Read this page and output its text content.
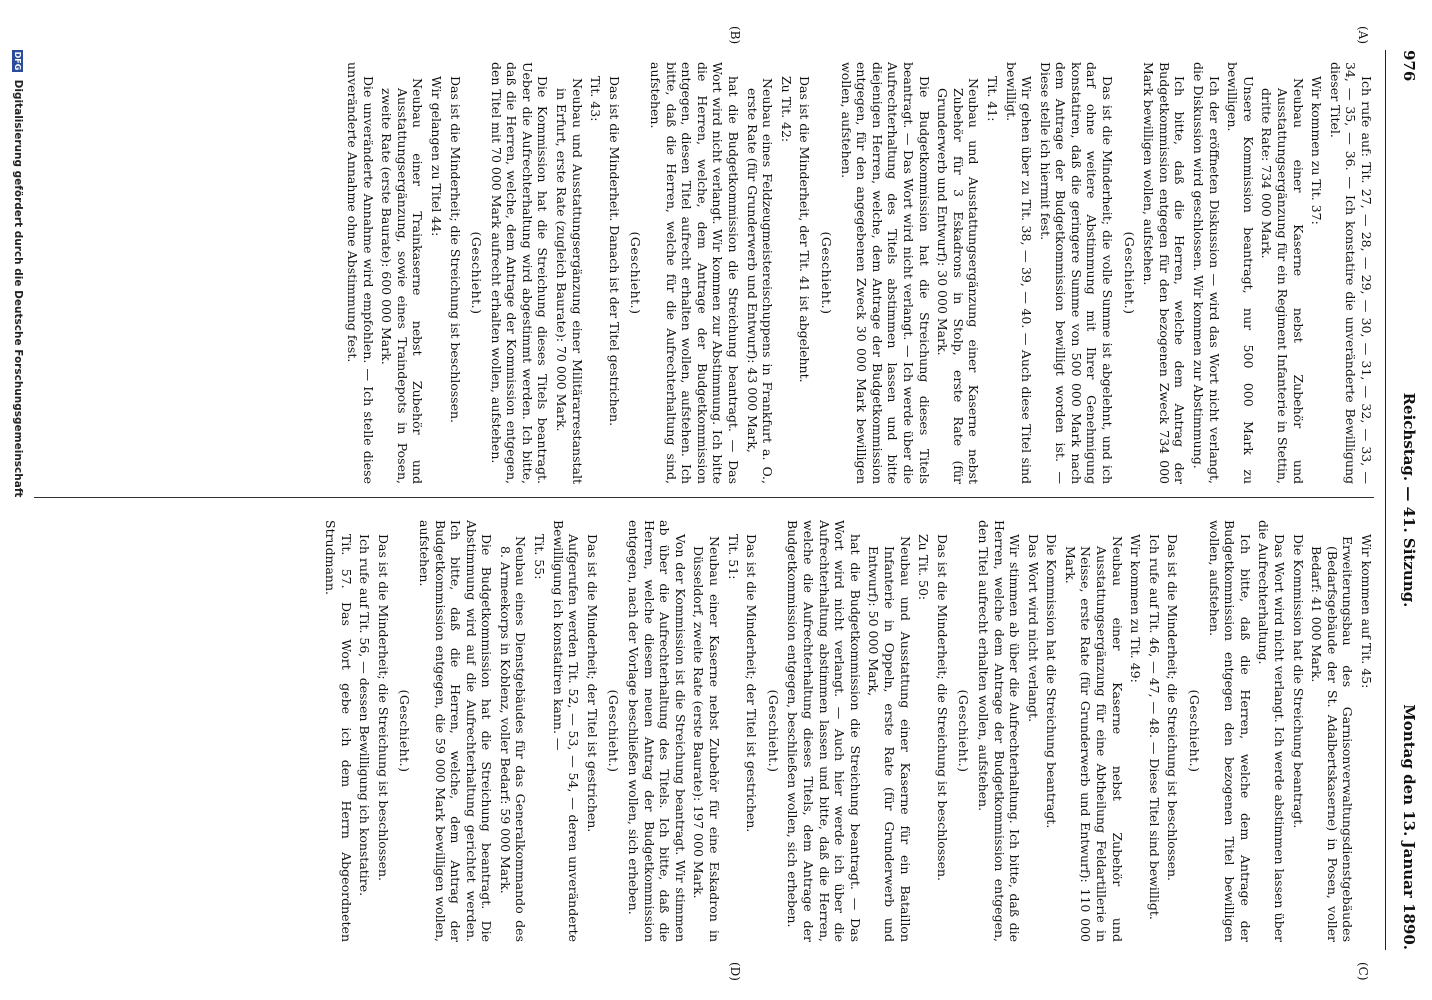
976
Reichstag. — 41. Sitzung.
Montag den 13. Januar 1890.
(A)
(B)
(C)
(D)

Ich rufe auf: Tit. 27, — 28, — 29, — 30, — 31, — 32, — 33, — 34, — 35, — 36. — Ich konstatire die unveränderte Bewilligung dieser Titel.

Wir kommen zu Tit. 37:

Neubau einer Kaserne nebst Zubehör und Ausstattungsergänzung für ein Regiment Infanterie in Stettin, dritte Rate: 734 000 Mark.

Unsere Kommission beantragt, nur 500 000 Mark zu bewilligen.

Ich der eröffneten Diskussion — wird das Wort nicht verlangt, die Diskussion wird geschlossen. Wir kommen zur Abstimmung.

Ich bitte, daß die Herren, welche dem Antrag der Budgetkommission entgegen für den bezogenen Zweck 734 000 Mark bewilligen wollen, aufstehen.

(Geschieht.)

Das ist die Minderheit; die volle Summe ist abgelehnt, und ich darf ohne weitere Abstimmung mit Ihrer Genehmigung konstatiren, daß die geringere Summe von 500 000 Mark nach dem Antrage der Budgetkommission bewilligt worden ist. — Diese stelle ich hiermit fest.

Wir gehen über zu Tit. 38, — 39, — 40. — Auch diese Titel sind bewilligt.

Tit. 41:

Neubau und Ausstattungsergänzung einer Kaserne nebst Zubehör für 3 Eskadrons in Stolp, erste Rate (für Grunderwerb und Entwurf): 30 000 Mark.

Die Budgetkommission hat die Streichung dieses Titels beantragt. — Das Wort wird nicht verlangt. — Ich werde über die Aufrechterhaltung des Titels abstimmen lassen und bitte diejenigen Herren, welche, dem Antrage der Budgetkommission entgegen, für den angegebenen Zweck 30 000 Mark bewilligen wollen, aufstehen.

(Geschieht.)

Das ist die Minderheit, der Tit. 41 ist abgelehnt.

Zu Tit. 42:

Neubau eines Feldzeugmeistereischuppens in Frankfurt a. O., erste Rate (für Grunderwerb und Entwurf): 43 000 Mark,

hat die Budgetkommission die Streichung beantragt. — Das Wort wird nicht verlangt. Wir kommen zur Abstimmung. Ich bitte die Herren, welche, dem Antrage der Budgetkommission entgegen, diesen Titel aufrecht erhalten wollen, aufstehen. Ich bitte, daß die Herren, welche für die Aufrechterhaltung sind, aufstehen.

(Geschieht.)

Das ist die Minderheit. Danach ist der Titel gestrichen.

Tit. 43:

Neubau und Ausstattungsergänzung einer Militärarrestanstalt in Erfurt, erste Rate (zugleich Baurate): 70 000 Mark.

Die Kommission hat die Streichung dieses Titels beantragt. Ueber die Aufrechterhaltung wird abgestimmt werden. Ich bitte, daß die Herren, welche, dem Antrage der Kommission entgegen, den Titel mit 70 000 Mark aufrecht erhalten wollen, aufstehen.

(Geschieht.)

Das ist die Minderheit; die Streichung ist beschlossen.

Wir gelangen zu Titel 44:

Neubau einer Trainkaserne nebst Zubehör und Ausstattungsergänzung, sowie eines Traindepots in Posen, zweite Rate (erste Baurate): 600 000 Mark.

Die unveränderte Annahme wird empfohlen. — Ich stelle diese unveränderte Annahme ohne Abstimmung fest.

Wir kommen auf Tit. 45:

Erweiterungsbau des Garnisonverwaltungsdienstgebäudes (Bedarfsgebäude der St. Adalbertskaserne) in Posen, voller Bedarf: 41 000 Mark.

Die Kommission hat die Streichung beantragt.

Das Wort wird nicht verlangt. Ich werde abstimmen lassen über die Aufrechterhaltung.

Ich bitte, daß die Herren, welche dem Antrage der Budgetkommission entgegen den bezogenen Titel bewilligen wollen, aufstehen.

(Geschieht.)

Das ist die Minderheit; die Streichung ist beschlossen.

Ich rufe auf Tit. 46, — 47, — 48. — Diese Titel sind bewilligt.

Wir kommen zu Tit. 49:

Neubau einer Kaserne nebst Zubehör und Ausstattungsergänzung für eine Abtheilung Feldartillerie in Neisse, erste Rate (für Grunderwerb und Entwurf): 110 000 Mark.

Die Kommission hat die Streichung beantragt.

Das Wort wird nicht verlangt.

Wir stimmen ab über die Aufrechterhaltung. Ich bitte, daß die Herren, welche dem Antrage der Budgetkommission entgegen, den Titel aufrecht erhalten wollen, aufstehen.

(Geschieht.)

Das ist die Minderheit; die Streichung ist beschlossen.

Zu Tit. 50:

Neubau und Ausstattung einer Kaserne für ein Bataillon Infanterie in Oppeln, erste Rate (für Grunderwerb und Entwurf): 50 000 Mark,

hat die Budgetkommission die Streichung beantragt. — Das Wort wird nicht verlangt. — Auch hier werde ich über die Aufrechterhaltung abstimmen lassen und bitte, daß die Herren, welche die Aufrechterhaltung dieses Titels, dem Antrage der Budgetkommission entgegen, beschließen wollen, sich erheben.

(Geschieht.)

Das ist die Minderheit; der Titel ist gestrichen.

Tit. 51:

Neubau einer Kaserne nebst Zubehör für eine Eskadron in Düsseldorf, zweite Rate (erste Baurate): 197 000 Mark.

Von der Kommission ist die Streichung beantragt. Wir stimmen ab über die Aufrechterhaltung des Titels. Ich bitte, daß die Herren, welche diesem neuen Antrag der Budgetkommission entgegen, nach der Vorlage beschließen wollen, sich erheben.

(Geschieht.)

Das ist die Minderheit; der Titel ist gestrichen.

Aufgerufen werden Tit. 52, — 53, — 54, — deren unveränderte Bewilligung ich konstatiren kann. —

Tit. 55:

Neubau eines Dienstgebäudes für das Generalkommando des 8. Armeekorps in Koblenz, voller Bedarf: 59 000 Mark.

Die Budgetkommission hat die Streichung beantragt. Die Abstimmung wird auf die Aufrechterhaltung gerichtet werden. Ich bitte, daß die Herren, welche, dem Antrag der Budgetkommission entgegen, die 59 000 Mark bewilligen wollen, aufstehen.

(Geschieht.)

Das ist die Minderheit; die Streichung ist beschlossen.

Ich rufe auf Tit. 56, — dessen Bewilligung ich konstatire.

Tit. 57. Das Wort gebe ich dem Herrn Abgeordneten Strudmann.

DFG Digitalisierung gefördert durch die Deutsche Forschungsgemeinschaft
